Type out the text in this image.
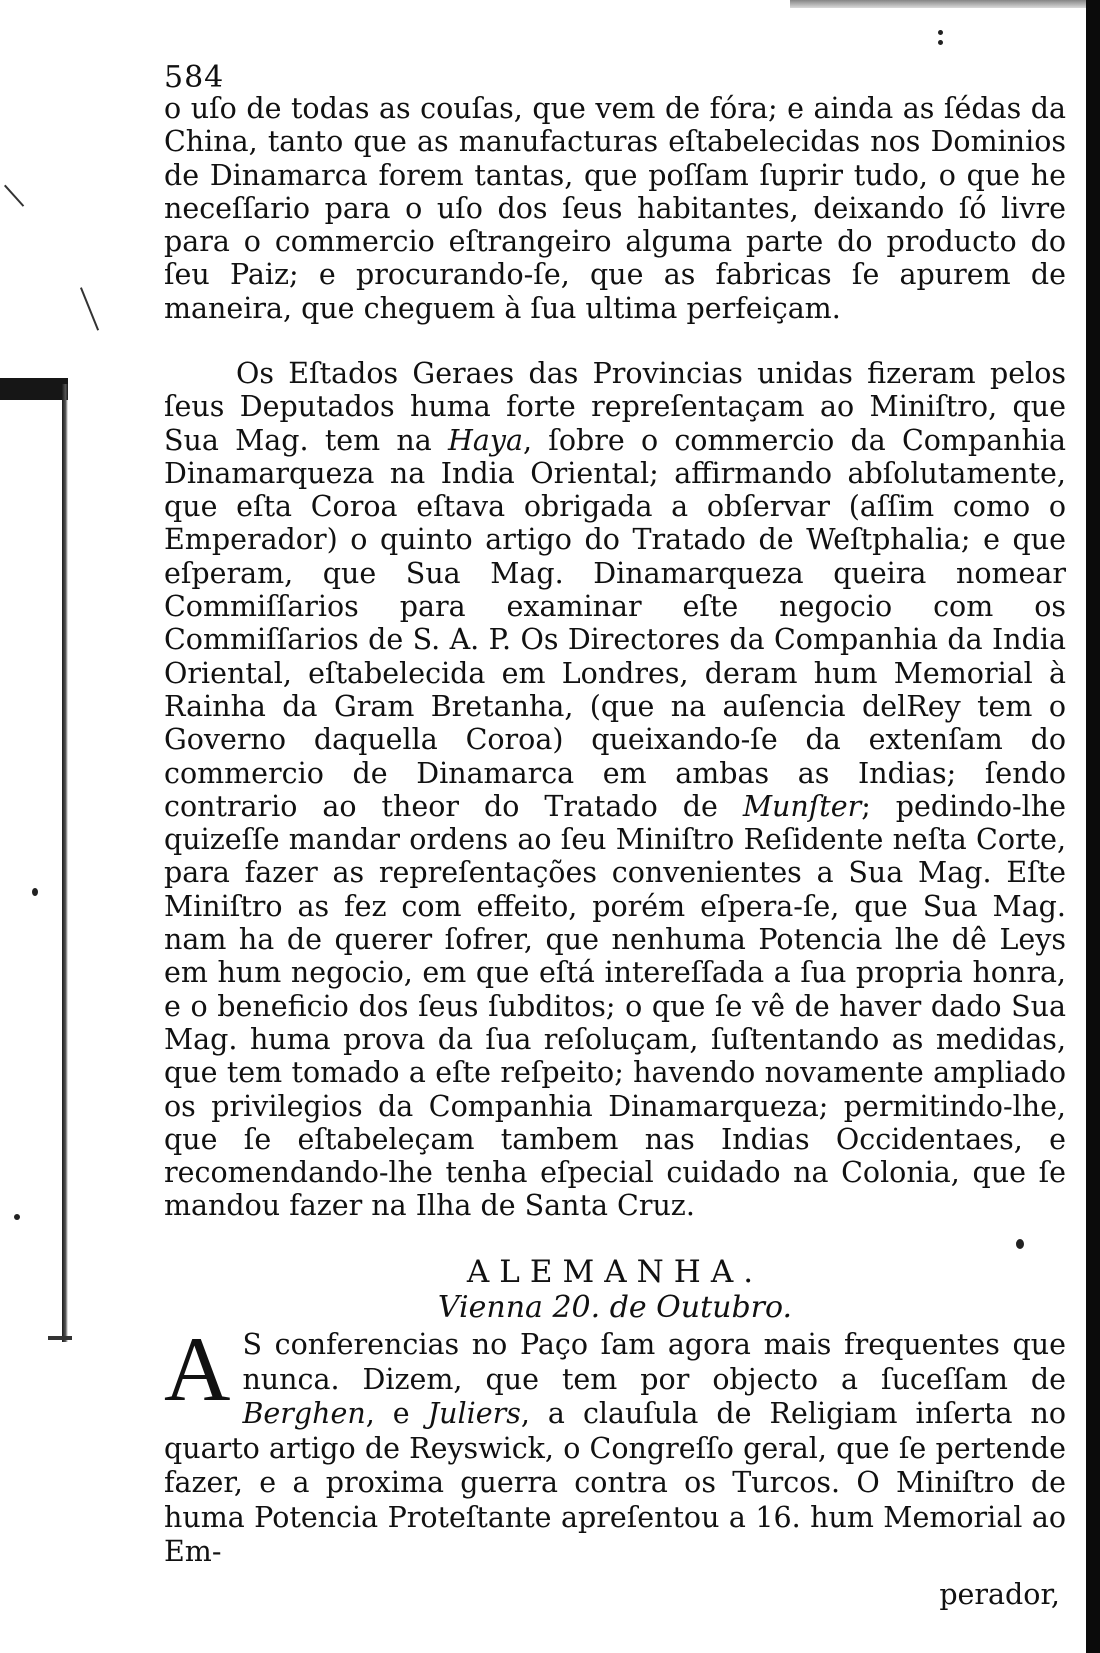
584

o uſo de todas as couſas, que vem de fóra; e ainda as ſédas da China, tanto que as manufacturas eſtabelecidas nos Dominios de Dinamarca forem tantas, que poſſam ſuprir tudo, o que he neceſſario para o uſo dos ſeus habitantes, deixando ſó livre para o commercio eſtrangeiro alguma parte do producto do ſeu Paiz; e procurando-ſe, que as fabricas ſe apurem de maneira, que cheguem à ſua ultima perfeiçam.

Os Eſtados Geraes das Provincias unidas fizeram pelos ſeus Deputados huma forte repreſentaçam ao Miniſtro, que Sua Mag. tem na Haya, ſobre o commercio da Companhia Dinamarqueza na India Oriental; affirmando abſolutamente, que eſta Coroa eſtava obrigada a obſervar (aſſim como o Emperador) o quinto artigo do Tratado de Weſtphalia; e que eſperam, que Sua Mag. Dinamarqueza queira nomear Commiſſarios para examinar eſte negocio com os Commiſſarios de S. A. P. Os Directores da Companhia da India Oriental, eſtabelecida em Londres, deram hum Memorial à Rainha da Gram Bretanha, (que na auſencia delRey tem o Governo daquella Coroa) queixando-ſe da extenſam do commercio de Dinamarca em ambas as Indias; ſendo contrario ao theor do Tratado de Munſter; pedindo-lhe quizeſſe mandar ordens ao ſeu Miniſtro Reſidente neſta Corte, para fazer as repreſentações convenientes a Sua Mag. Eſte Miniſtro as fez com effeito, porém eſpera-ſe, que Sua Mag. nam ha de querer ſofrer, que nenhuma Potencia lhe dê Leys em hum negocio, em que eſtá intereſſada a ſua propria honra, e o beneficio dos ſeus ſubditos; o que ſe vê de haver dado Sua Mag. huma prova da ſua reſoluçam, ſuſtentando as medidas, que tem tomado a eſte reſpeito; havendo novamente ampliado os privilegios da Companhia Dinamarqueza; permitindo-lhe, que ſe eſtabeleçam tambem nas Indias Occidentaes, e recomendando-lhe tenha eſpecial cuidado na Colonia, que ſe mandou fazer na Ilha de Santa Cruz.

ALEMANHA.
Vienna 20. de Outubro.
A S conferencias no Paço ſam agora mais frequentes que nunca. Dizem, que tem por objecto a ſuceſſam de Berghen, e Juliers, a clauſula de Religiam inſerta no quarto artigo de Reyswick, o Congreſſo geral, que ſe pertende fazer, e a proxima guerra contra os Turcos. O Miniſtro de huma Potencia Proteſtante apreſentou a 16. hum Memorial ao Em-
perador,
